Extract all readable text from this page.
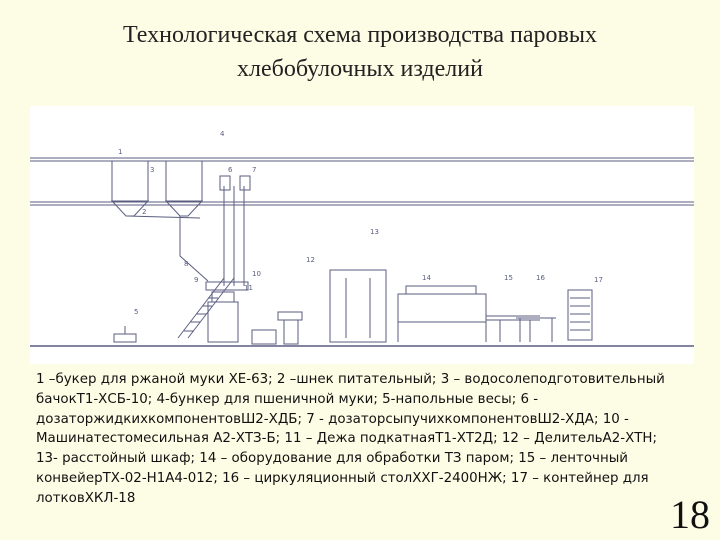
Технологическая схема производства паровых
хлебобулочных изделий
1
2
3
4
5
6	7
8
9
10
11
12
13
14	15	16	17
1 –букер для ржаной муки ХЕ-63; 2 –шнек питательный; 3 – водосолеподготовительный бачокТ1-ХСБ-10; 4-бункер для пшеничной муки; 5-напольные весы; 6 - дозаторжидкихкомпонентовШ2-ХДБ; 7 - дозаторсыпучихкомпонентовШ2-ХДА; 10 - Машинатестомесильная А2-ХТЗ-Б; 11 – Дежа подкатнаяТ1-ХТ2Д; 12 – ДелительА2-ХТН; 13- расстойный шкаф; 14 – оборудование для обработки ТЗ паром; 15 – ленточный конвейерТХ-02-Н1А4-012; 16 – циркуляционный столХХГ-2400НЖ; 17 – контейнер для лотковХКЛ-18	18
